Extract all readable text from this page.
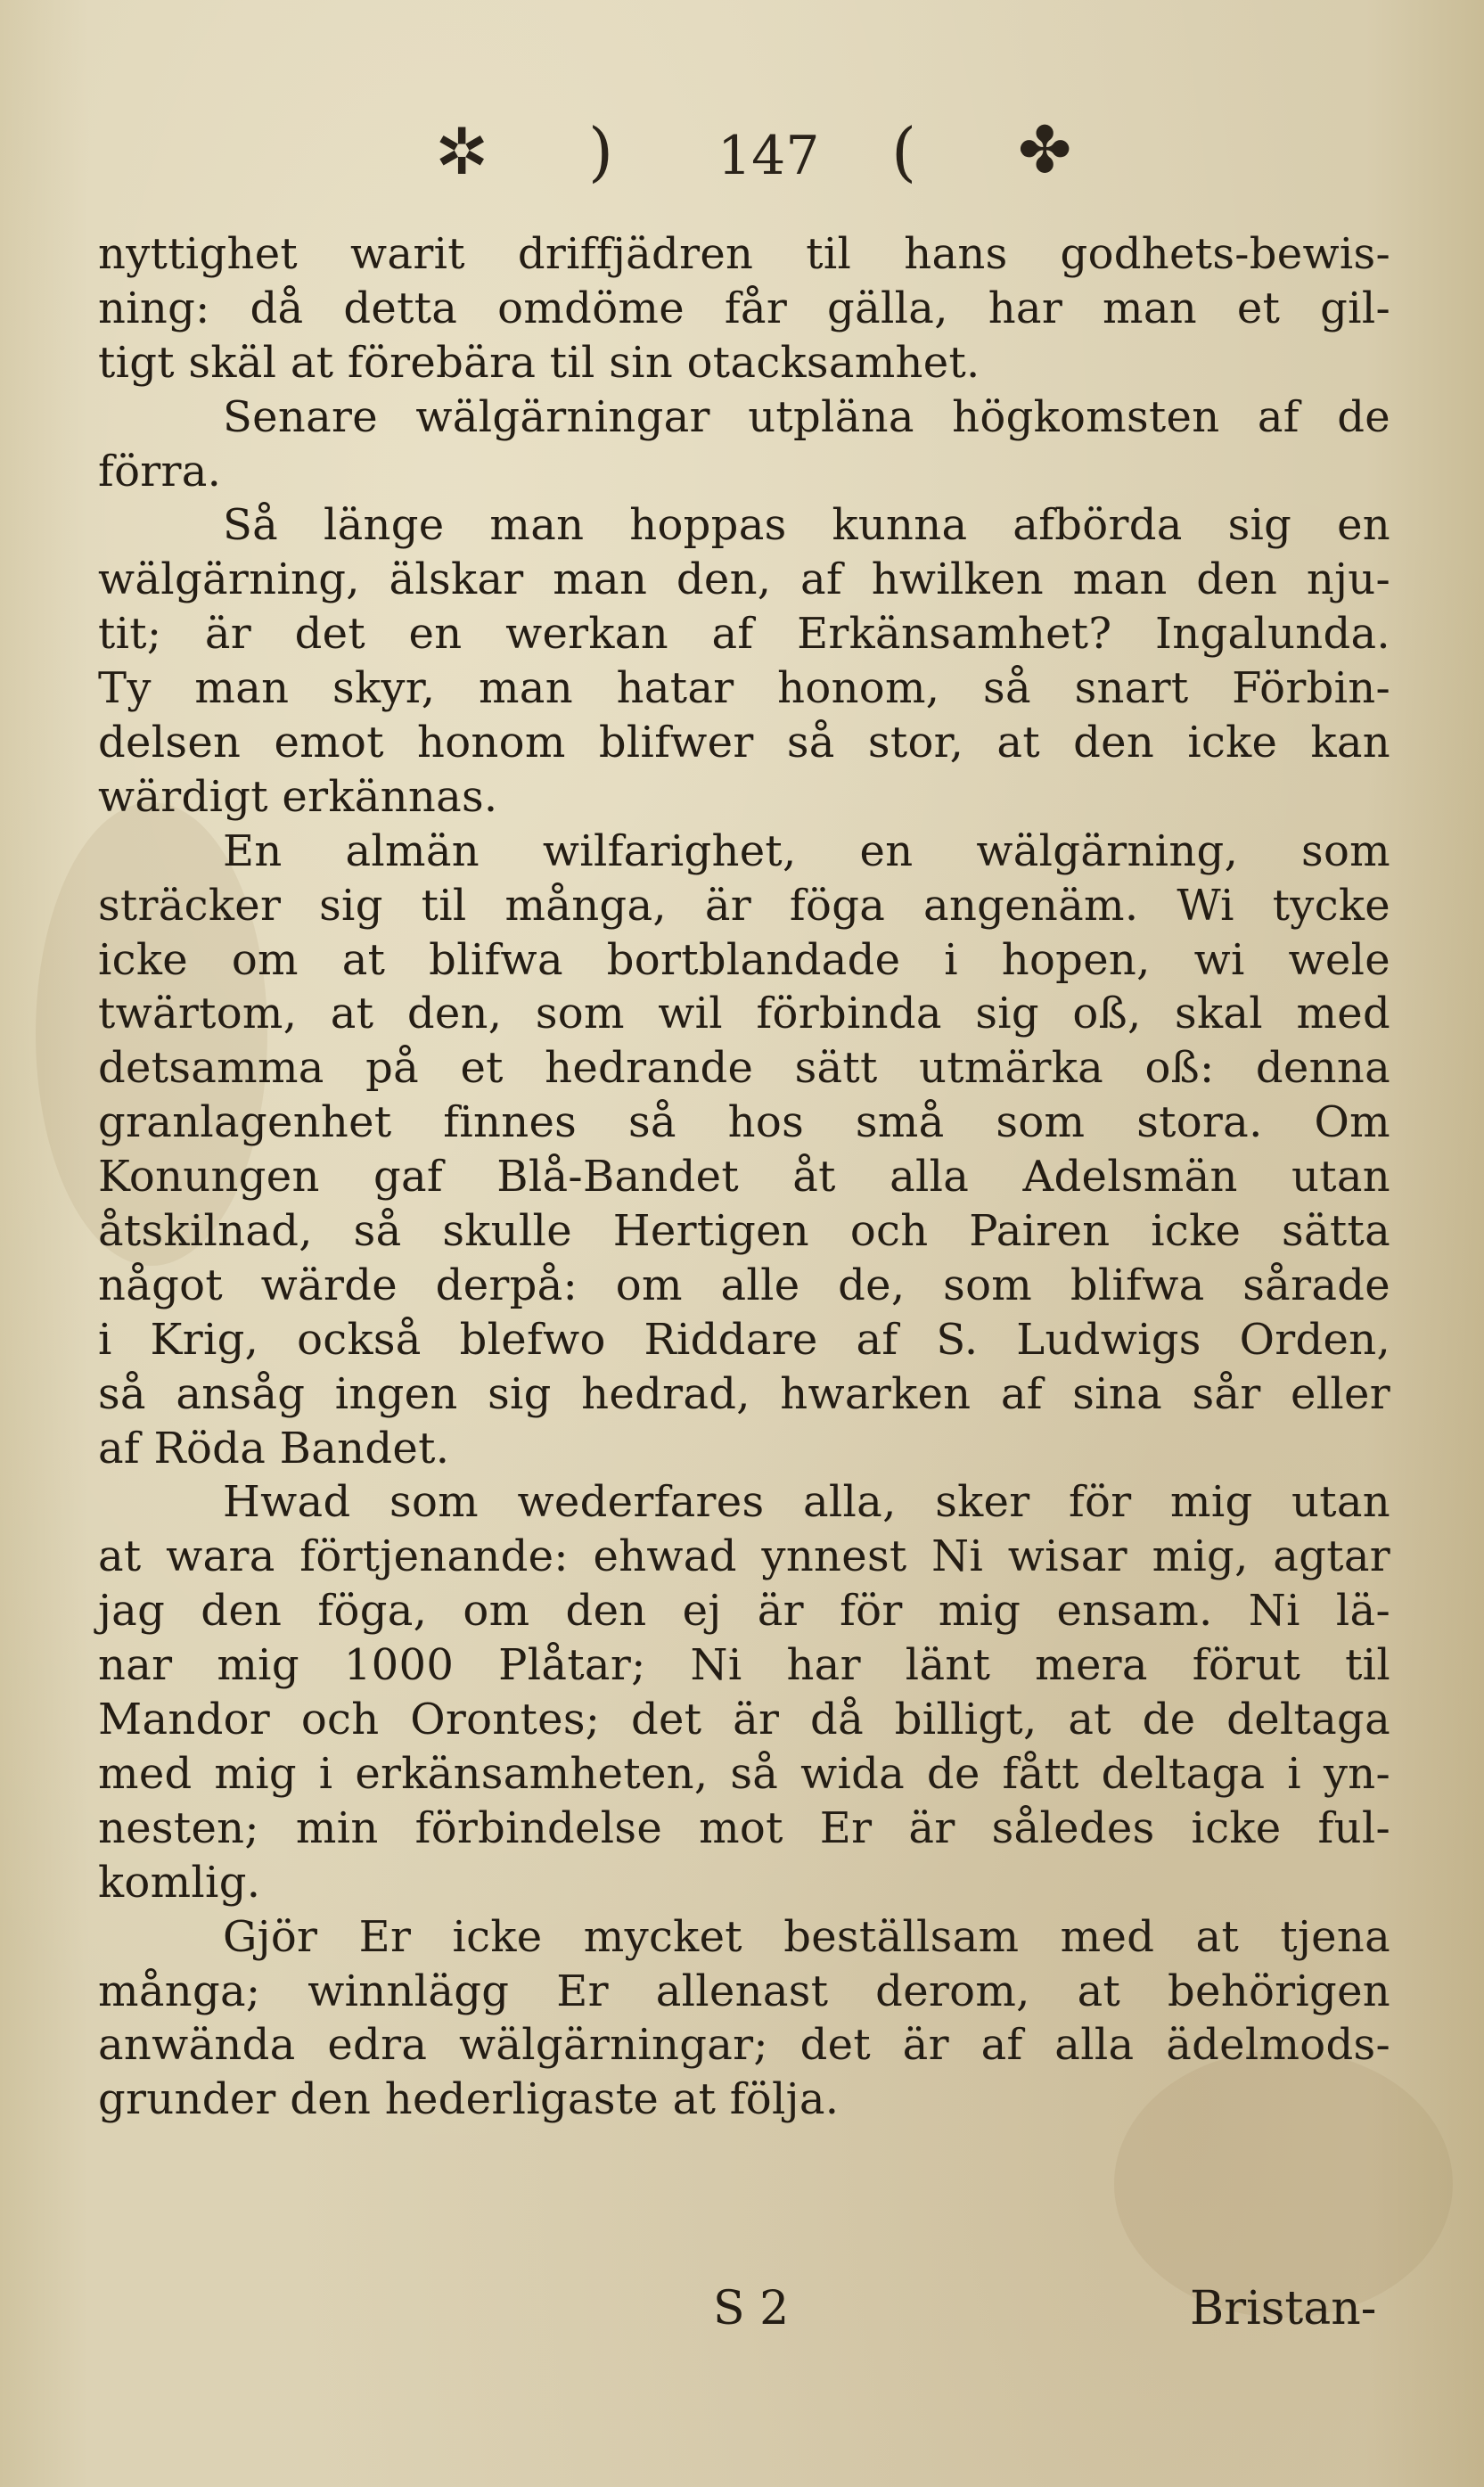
✲ ) 147 ( ✤
nyttighet warit driffjädren til hans godhets-bewis-
ning: då detta omdöme får gälla, har man et gil-
tigt skäl at förebära til sin otacksamhet.
Senare wälgärningar utpläna högkomsten af de
förra.
Så länge man hoppas kunna afbörda sig en
wälgärning, älskar man den, af hwilken man den nju-
tit; är det en werkan af Erkänsamhet? Ingalunda.
Ty man skyr, man hatar honom, så snart Förbin-
delsen emot honom blifwer så stor, at den icke kan
wärdigt erkännas.
En almän wilfarighet, en wälgärning, som
sträcker sig til många, är föga angenäm. Wi tycke
icke om at blifwa bortblandade i hopen, wi wele
twärtom, at den, som wil förbinda sig oß, skal med
detsamma på et hedrande sätt utmärka oß: denna
granlagenhet finnes så hos små som stora. Om
Konungen gaf Blå-Bandet åt alla Adelsmän utan
åtskilnad, så skulle Hertigen och Pairen icke sätta
något wärde derpå: om alle de, som blifwa sårade
i Krig, också blefwo Riddare af S. Ludwigs Orden,
så ansåg ingen sig hedrad, hwarken af sina sår eller
af Röda Bandet.
Hwad som wederfares alla, sker för mig utan
at wara förtjenande: ehwad ynnest Ni wisar mig, agtar
jag den föga, om den ej är för mig ensam. Ni lä-
nar mig 1000 Plåtar; Ni har länt mera förut til
Mandor och Orontes; det är då billigt, at de deltaga
med mig i erkänsamheten, så wida de fått deltaga i yn-
nesten; min förbindelse mot Er är således icke ful-
komlig.
Gjör Er icke mycket beställsam med at tjena
många; winnlägg Er allenast derom, at behörigen
anwända edra wälgärningar; det är af alla ädelmods-
grunder den hederligaste at följa.
S 2	Bristan-
